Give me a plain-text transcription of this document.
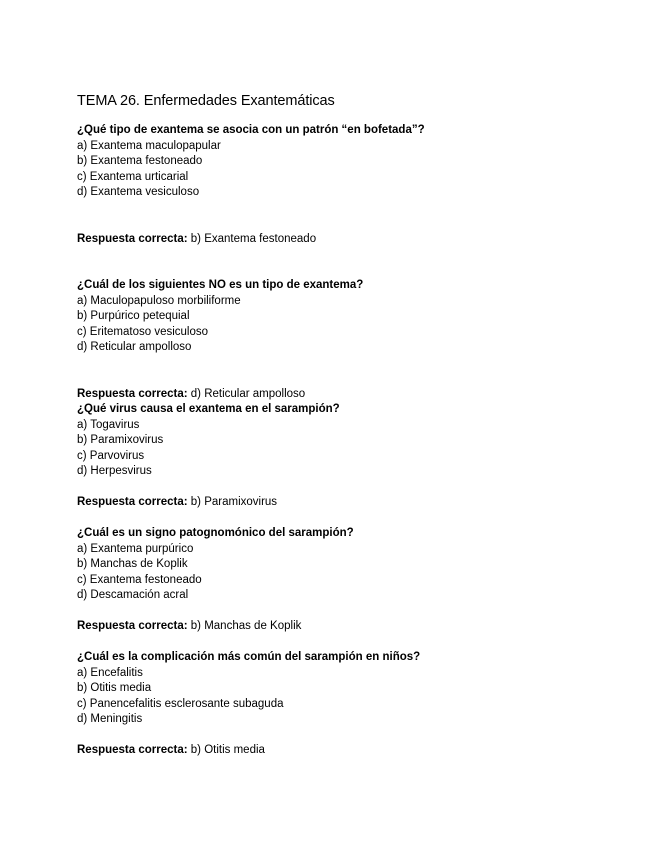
TEMA 26. Enfermedades Exantemáticas

¿Qué tipo de exantema se asocia con un patrón “en bofetada”?

a) Exantema maculopapular

b) Exantema festoneado

c) Exantema urticarial

d) Exantema vesiculoso

Respuesta correcta: b) Exantema festoneado

¿Cuál de los siguientes NO es un tipo de exantema?

a) Maculopapuloso morbiliforme

b) Purpúrico petequial

c) Eritematoso vesiculoso

d) Reticular ampolloso

Respuesta correcta: d) Reticular ampolloso

¿Qué virus causa el exantema en el sarampión?

a) Togavirus

b) Paramixovirus

c) Parvovirus

d) Herpesvirus

Respuesta correcta: b) Paramixovirus

¿Cuál es un signo patognomónico del sarampión?

a) Exantema purpúrico

b) Manchas de Koplik

c) Exantema festoneado

d) Descamación acral

Respuesta correcta: b) Manchas de Koplik

¿Cuál es la complicación más común del sarampión en niños?

a) Encefalitis

b) Otitis media

c) Panencefalitis esclerosante subaguda

d) Meningitis

Respuesta correcta: b) Otitis media
